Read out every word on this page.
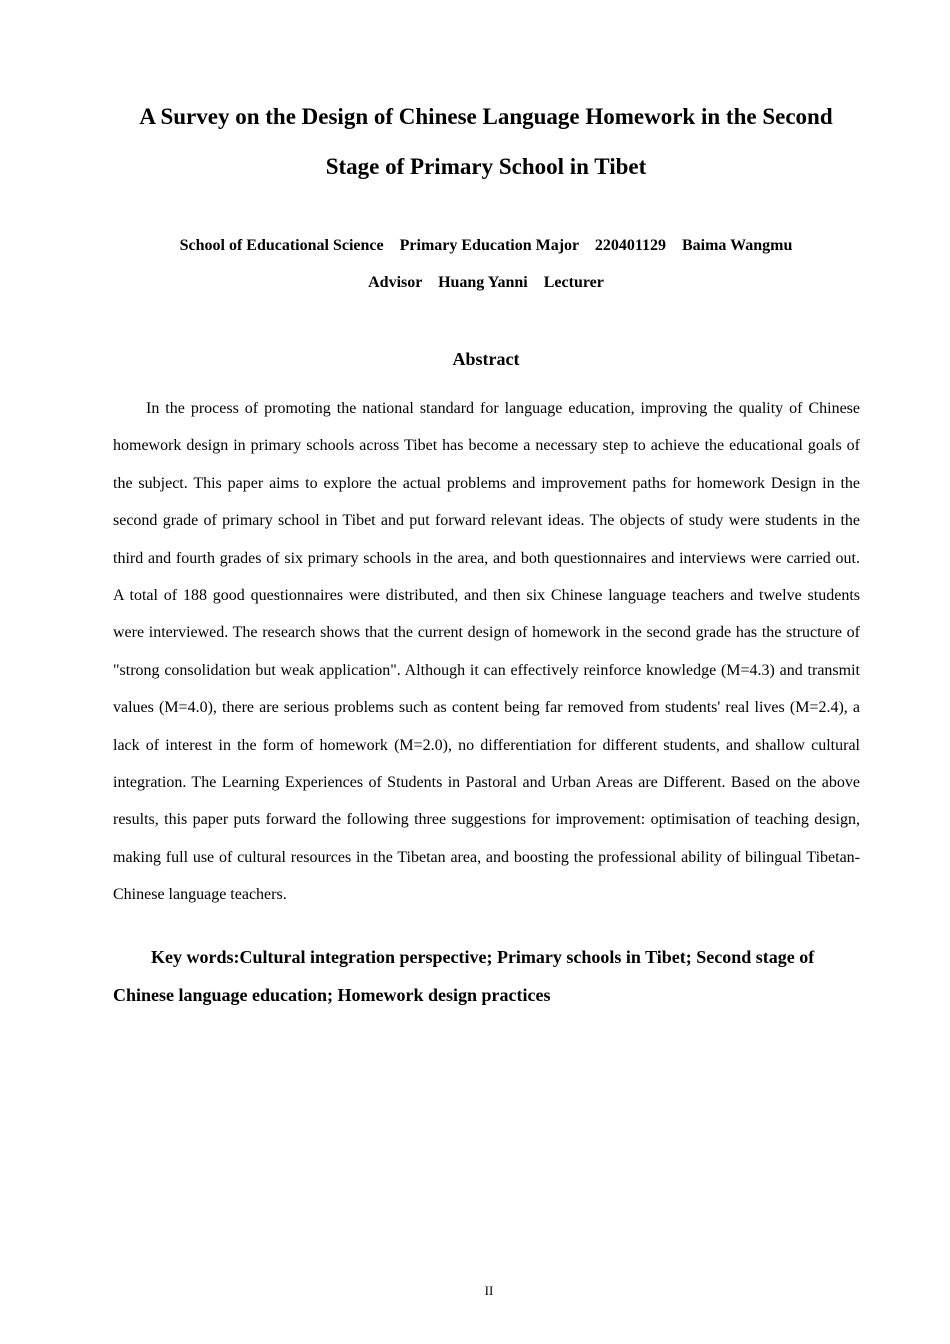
A Survey on the Design of Chinese Language Homework in the Second
Stage of Primary School in Tibet
School of Educational Science    Primary Education Major    220401129    Baima Wangmu
Advisor    Huang Yanni    Lecturer
Abstract

In the process of promoting the national standard for language education, improving the quality of Chinese homework design in primary schools across Tibet has become a necessary step to achieve the educational goals of the subject. This paper aims to explore the actual problems and improvement paths for homework Design in the second grade of primary school in Tibet and put forward relevant ideas. The objects of study were students in the third and fourth grades of six primary schools in the area, and both questionnaires and interviews were carried out. A total of 188 good questionnaires were distributed, and then six Chinese language teachers and twelve students were interviewed. The research shows that the current design of homework in the second grade has the structure of "strong consolidation but weak application". Although it can effectively reinforce knowledge (M=4.3) and transmit values (M=4.0), there are serious problems such as content being far removed from students' real lives (M=2.4), a lack of interest in the form of homework (M=2.0), no differentiation for different students, and shallow cultural integration. The Learning Experiences of Students in Pastoral and Urban Areas are Different. Based on the above results, this paper puts forward the following three suggestions for improvement: optimisation of teaching design, making full use of cultural resources in the Tibetan area, and boosting the professional ability of bilingual Tibetan-Chinese language teachers.

Key words:Cultural integration perspective; Primary schools in Tibet; Second stage of Chinese language education; Homework design practices

II
